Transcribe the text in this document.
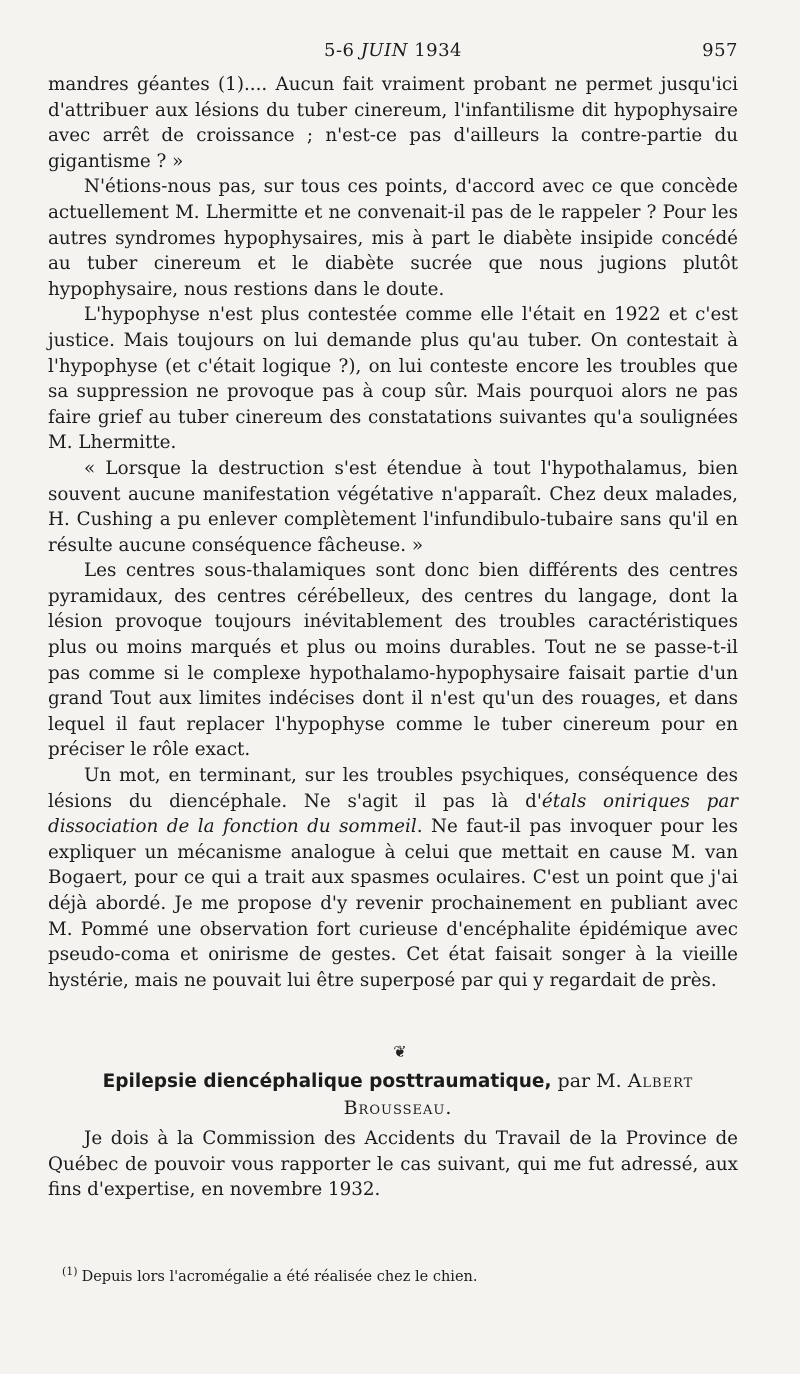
5-6 JUIN 1934	957

mandres géantes (1).... Aucun fait vraiment probant ne permet jusqu'ici d'attribuer aux lésions du tuber cinereum, l'infantilisme dit hypophysaire avec arrêt de croissance ; n'est-ce pas d'ailleurs la contre-partie du gigantisme ? »

N'étions-nous pas, sur tous ces points, d'accord avec ce que concède actuellement M. Lhermitte et ne convenait-il pas de le rappeler ? Pour les autres syndromes hypophysaires, mis à part le diabète insipide concédé au tuber cinereum et le diabète sucrée que nous jugions plutôt hypophysaire, nous restions dans le doute.

L'hypophyse n'est plus contestée comme elle l'était en 1922 et c'est justice. Mais toujours on lui demande plus qu'au tuber. On contestait à l'hypophyse (et c'était logique ?), on lui conteste encore les troubles que sa suppression ne provoque pas à coup sûr. Mais pourquoi alors ne pas faire grief au tuber cinereum des constatations suivantes qu'a soulignées M. Lhermitte.

« Lorsque la destruction s'est étendue à tout l'hypothalamus, bien souvent aucune manifestation végétative n'apparaît. Chez deux malades, H. Cushing a pu enlever complètement l'infundibulo-tubaire sans qu'il en résulte aucune conséquence fâcheuse. »

Les centres sous-thalamiques sont donc bien différents des centres pyramidaux, des centres cérébelleux, des centres du langage, dont la lésion provoque toujours inévitablement des troubles caractéristiques plus ou moins marqués et plus ou moins durables. Tout ne se passe-t-il pas comme si le complexe hypothalamo-hypophysaire faisait partie d'un grand Tout aux limites indécises dont il n'est qu'un des rouages, et dans lequel il faut replacer l'hypophyse comme le tuber cinereum pour en préciser le rôle exact.

Un mot, en terminant, sur les troubles psychiques, conséquence des lésions du diencéphale. Ne s'agit il pas là d'étals oniriques par dissociation de la fonction du sommeil. Ne faut-il pas invoquer pour les expliquer un mécanisme analogue à celui que mettait en cause M. van Bogaert, pour ce qui a trait aux spasmes oculaires. C'est un point que j'ai déjà abordé. Je me propose d'y revenir prochainement en publiant avec M. Pommé une observation fort curieuse d'encéphalite épidémique avec pseudo-coma et onirisme de gestes. Cet état faisait songer à la vieille hystérie, mais ne pouvait lui être superposé par qui y regardait de près.

❦
Epilepsie diencéphalique posttraumatique, par M. Albert
Brousseau.

Je dois à la Commission des Accidents du Travail de la Province de Québec de pouvoir vous rapporter le cas suivant, qui me fut adressé, aux fins d'expertise, en novembre 1932.

$^{(1)}$ Depuis lors l'acromégalie a été réalisée chez le chien.
